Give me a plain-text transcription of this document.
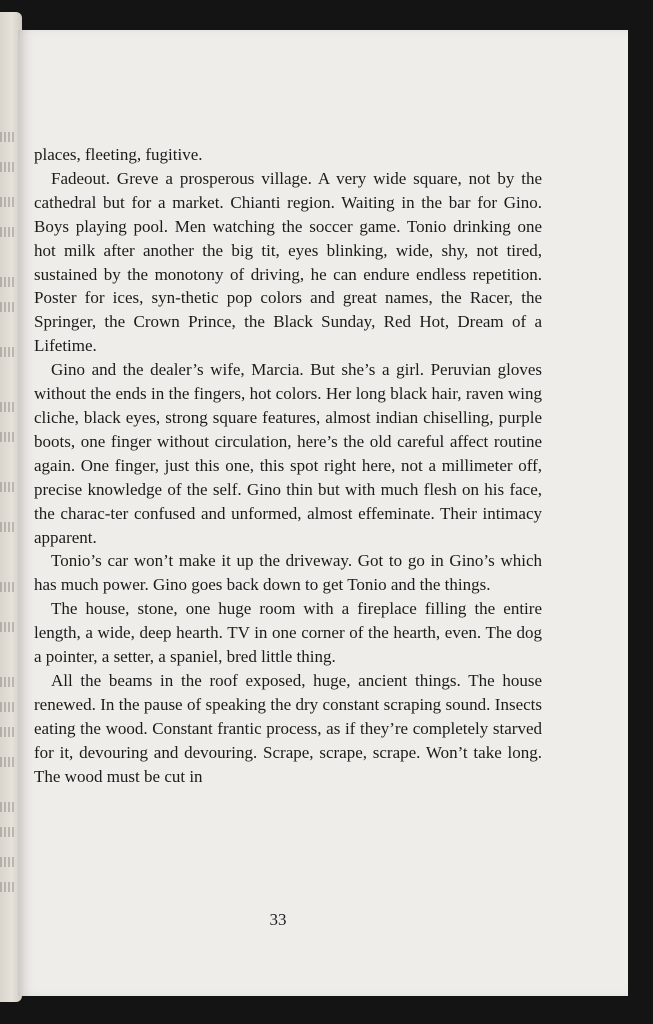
places, fleeting, fugitive.

Fadeout. Greve a prosperous village. A very wide square, not by the cathedral but for a market. Chianti region. Waiting in the bar for Gino. Boys playing pool. Men watching the soccer game. Tonio drinking one hot milk after another the big tit, eyes blinking, wide, shy, not tired, sustained by the monotony of driving, he can endure endless repetition. Poster for ices, syn-thetic pop colors and great names, the Racer, the Springer, the Crown Prince, the Black Sunday, Red Hot, Dream of a Lifetime.

Gino and the dealer’s wife, Marcia. But she’s a girl. Peruvian gloves without the ends in the fingers, hot colors. Her long black hair, raven wing cliche, black eyes, strong square features, almost indian chiselling, purple boots, one finger without circulation, here’s the old careful affect routine again. One finger, just this one, this spot right here, not a millimeter off, precise knowledge of the self. Gino thin but with much flesh on his face, the charac-ter confused and unformed, almost effeminate. Their intimacy apparent.

Tonio’s car won’t make it up the driveway. Got to go in Gino’s which has much power. Gino goes back down to get Tonio and the things.

The house, stone, one huge room with a fireplace filling the entire length, a wide, deep hearth. TV in one corner of the hearth, even. The dog a pointer, a setter, a spaniel, bred little thing.

All the beams in the roof exposed, huge, ancient things. The house renewed. In the pause of speaking the dry constant scraping sound. Insects eating the wood. Constant frantic process, as if they’re completely starved for it, devouring and devouring. Scrape, scrape, scrape. Won’t take long. The wood must be cut in

33
